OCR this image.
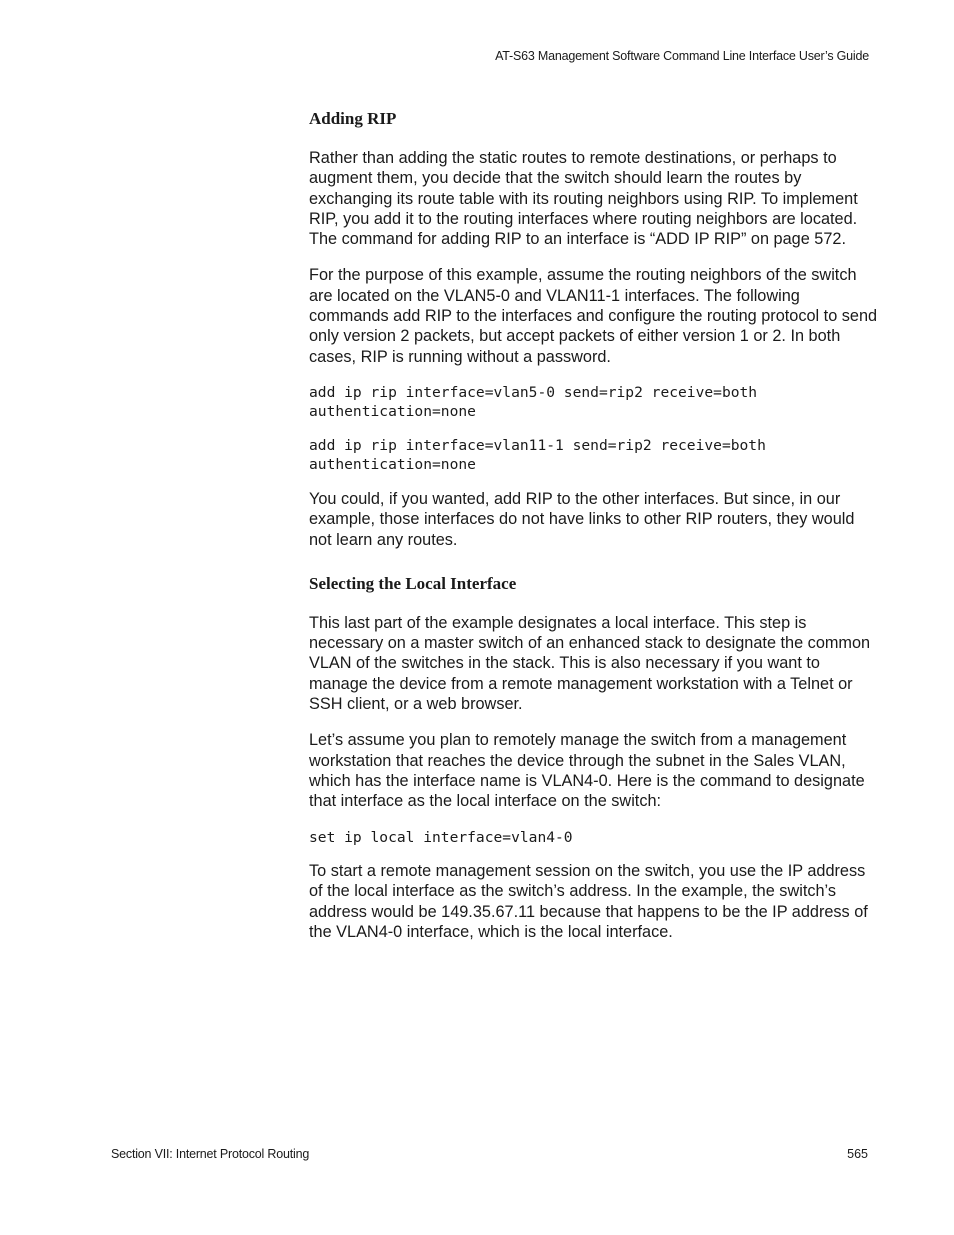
AT-S63 Management Software Command Line Interface User’s Guide
Adding RIP

Rather than adding the static routes to remote destinations, or perhaps to augment them, you decide that the switch should learn the routes by exchanging its route table with its routing neighbors using RIP. To implement RIP, you add it to the routing interfaces where routing neighbors are located. The command for adding RIP to an interface is “ADD IP RIP” on page 572.

For the purpose of this example, assume the routing neighbors of the switch are located on the VLAN5-0 and VLAN11-1 interfaces. The following commands add RIP to the interfaces and configure the routing protocol to send only version 2 packets, but accept packets of either version 1 or 2. In both cases, RIP is running without a password.

add ip rip interface=vlan5-0 send=rip2 receive=both
authentication=none
add ip rip interface=vlan11-1 send=rip2 receive=both
authentication=none

You could, if you wanted, add RIP to the other interfaces. But since, in our example, those interfaces do not have links to other RIP routers, they would not learn any routes.

Selecting the Local Interface

This last part of the example designates a local interface. This step is necessary on a master switch of an enhanced stack to designate the common VLAN of the switches in the stack. This is also necessary if you want to manage the device from a remote management workstation with a Telnet or SSH client, or a web browser.

Let’s assume you plan to remotely manage the switch from a management workstation that reaches the device through the subnet in the Sales VLAN, which has the interface name is VLAN4-0. Here is the command to designate that interface as the local interface on the switch:

set ip local interface=vlan4-0

To start a remote management session on the switch, you use the IP address of the local interface as the switch’s address. In the example, the switch’s address would be 149.35.67.11 because that happens to be the IP address of the VLAN4-0 interface, which is the local interface.

Section VII: Internet Protocol Routing	565
